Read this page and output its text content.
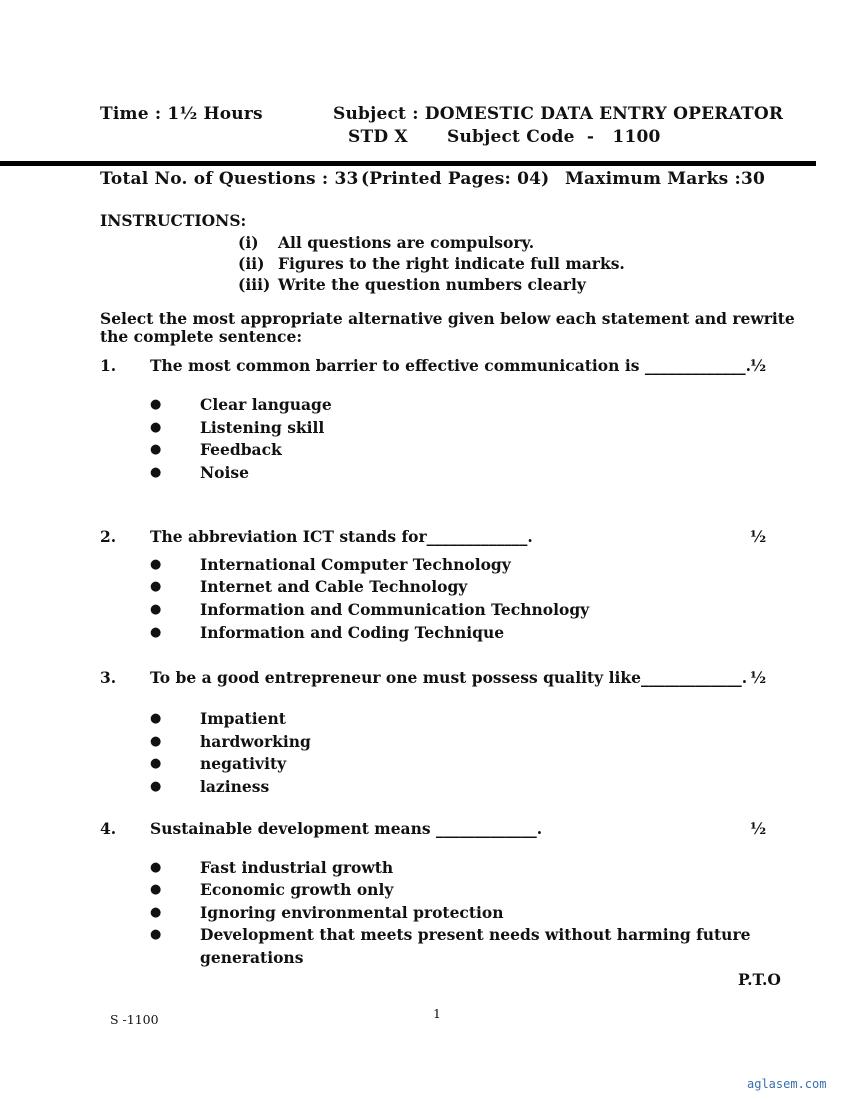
Time : 1½ Hours	Subject : DOMESTIC DATA ENTRY OPERATOR
STD X Subject Code  -   1100
Total No. of Questions : 33 (Printed Pages: 04) Maximum Marks :30
INSTRUCTIONS:
(i) All questions are compulsory.
(ii) Figures to the right indicate full marks.
(iii) Write the question numbers clearly
Select the most appropriate alternative given below each statement and rewrite
the complete sentence:
1. The most common barrier to effective communication is _____________. ½
● Clear language
● Listening skill
● Feedback
● Noise
2. The abbreviation ICT stands for_____________.	½
● International Computer Technology
● Internet and Cable Technology
● Information and Communication Technology
● Information and Coding Technique
3. To be a good entrepreneur one must possess quality like_____________. ½
● Impatient
● hardworking
● negativity
● laziness
4. Sustainable development means _____________.	½
● Fast industrial growth
● Economic growth only
● Ignoring environmental protection
● Development that meets present needs without harming future
generations
P.T.O
S -1100	1
aglasem.com
